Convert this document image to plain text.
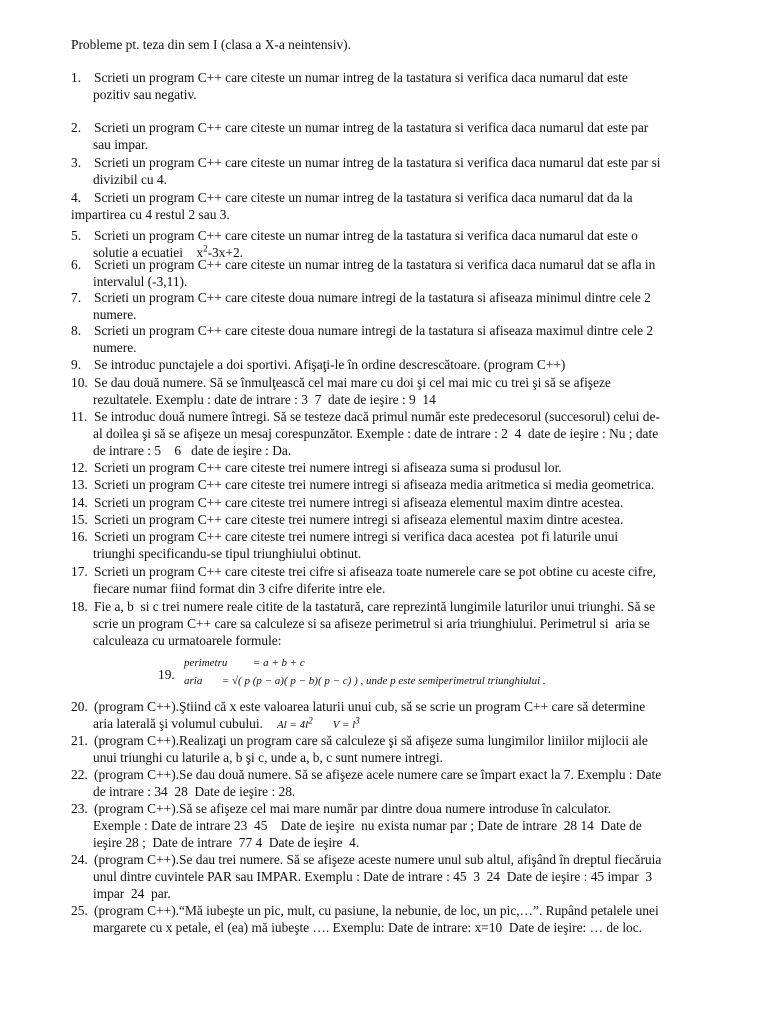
Probleme pt. teza din sem I (clasa a X-a neintensiv).
1. Scrieti un program C++ care citeste un numar intreg de la tastatura si verifica daca numarul dat este
pozitiv sau negativ.
2. Scrieti un program C++ care citeste un numar intreg de la tastatura si verifica daca numarul dat este par
sau impar.
3. Scrieti un program C++ care citeste un numar intreg de la tastatura si verifica daca numarul dat este par si
divizibil cu 4.
4. Scrieti un program C++ care citeste un numar intreg de la tastatura si verifica daca numarul dat da la
impartirea cu 4 restul 2 sau 3.
5. Scrieti un program C++ care citeste un numar intreg de la tastatura si verifica daca numarul dat este o
solutie a ecuatiei    $x^2-3x+2$.
6. Scrieti un program C++ care citeste un numar intreg de la tastatura si verifica daca numarul dat se afla in
intervalul (-3,11).
7. Scrieti un program C++ care citeste doua numare intregi de la tastatura si afiseaza minimul dintre cele 2
numere.
8. Scrieti un program C++ care citeste doua numare intregi de la tastatura si afiseaza maximul dintre cele 2
numere.
9. Se introduc punctajele a doi sportivi. Afişaţi-le în ordine descrescătoare. (program C++)
10. Se dau două numere. Să se înmulţească cel mai mare cu doi şi cel mai mic cu trei şi să se afişeze
rezultatele. Exemplu : date de intrare : 3  7  date de ieşire : 9  14
11. Se introduc două numere întregi. Să se testeze dacă primul număr este predecesorul (succesorul) celui de-
al doilea şi să se afişeze un mesaj corespunzător. Exemple : date de intrare : 2  4  date de ieşire : Nu ; date
de intrare : 5    6   date de ieşire : Da.
12. Scrieti un program C++ care citeste trei numere intregi si afiseaza suma si produsul lor.
13. Scrieti un program C++ care citeste trei numere intregi si afiseaza media aritmetica si media geometrica.
14. Scrieti un program C++ care citeste trei numere intregi si afiseaza elementul maxim dintre acestea.
15. Scrieti un program C++ care citeste trei numere intregi si afiseaza elementul maxim dintre acestea.
16. Scrieti un program C++ care citeste trei numere intregi si verifica daca acestea  pot fi laturile unui
triunghi specificandu-se tipul triunghiului obtinut.
17. Scrieti un program C++ care citeste trei cifre si afiseaza toate numerele care se pot obtine cu aceste cifre,
fiecare numar fiind format din 3 cifre diferite intre ele.
18. Fie a, b  si c trei numere reale citite de la tastatură, care reprezintă lungimile laturilor unui triunghi. Să se
scrie un program C++ care sa calculeze si sa afiseze perimetrul si aria triunghiului. Perimetrul si  aria se
calculeaza cu urmatoarele formule:
20. (program C++).Ştiind că x este valoarea laturii unui cub, să se scrie un program C++ care să determine
aria laterală şi volumul cubului. $Al = 4l^2$ $V = l^3$
21. (program C++).Realizaţi un program care să calculeze şi să afişeze suma lungimilor liniilor mijlocii ale
unui triunghi cu laturile a, b şi c, unde a, b, c sunt numere intregi.
22. (program C++).Se dau două numere. Să se afişeze acele numere care se împart exact la 7. Exemplu : Date
de intrare : 34  28  Date de ieşire : 28.
23. (program C++).Să se afişeze cel mai mare număr par dintre doua numere introduse în calculator.
Exemple : Date de intrare 23  45    Date de ieşire  nu exista numar par ; Date de intrare  28 14  Date de
ieşire 28 ;  Date de intrare  77 4  Date de ieşire  4.
24. (program C++).Se dau trei numere. Să se afişeze aceste numere unul sub altul, afişând în dreptul fiecăruia
unul dintre cuvintele PAR sau IMPAR. Exemplu : Date de intrare : 45  3  24  Date de ieşire : 45 impar  3
impar  24  par.
25. (program C++).“Mă iubeşte un pic, mult, cu pasiune, la nebunie, de loc, un pic,…”. Rupând petalele unei
margarete cu x petale, el (ea) mă iubeşte …. Exemplu: Date de intrare: x=10  Date de ieşire: … de loc.
19.
perimetru = a + b + c
aria = √( p (p − a)( p − b)( p − c) ) , unde p este semiperimetrul triunghiului .
